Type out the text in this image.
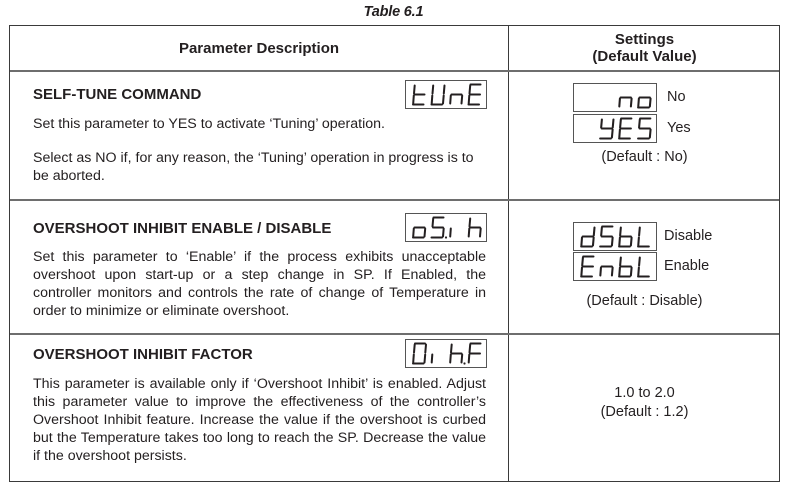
Table 6.1
Parameter Description
Settings
(Default Value)
SELF-TUNE COMMAND

Set this parameter to YES to activate ‘Tuning’ operation.

Select as NO if, for any reason, the ‘Tuning’ operation in progress is to be aborted.

No
Yes
(Default : No)
OVERSHOOT INHIBIT ENABLE / DISABLE

Set this parameter to ‘Enable’ if the process exhibits unacceptable overshoot upon start-up or a step change in SP. If Enabled, the controller monitors and controls the rate of change of Temperature in order to minimize or eliminate overshoot.

Disable
Enable
(Default : Disable)
OVERSHOOT INHIBIT FACTOR

This parameter is available only if ‘Overshoot Inhibit’ is enabled. Adjust this parameter value to improve the effectiveness of the controller’s Overshoot Inhibit feature. Increase the value if the overshoot is curbed but the Temperature takes too long to reach the SP. Decrease the value if the overshoot persists.

1.0 to 2.0
(Default : 1.2)
